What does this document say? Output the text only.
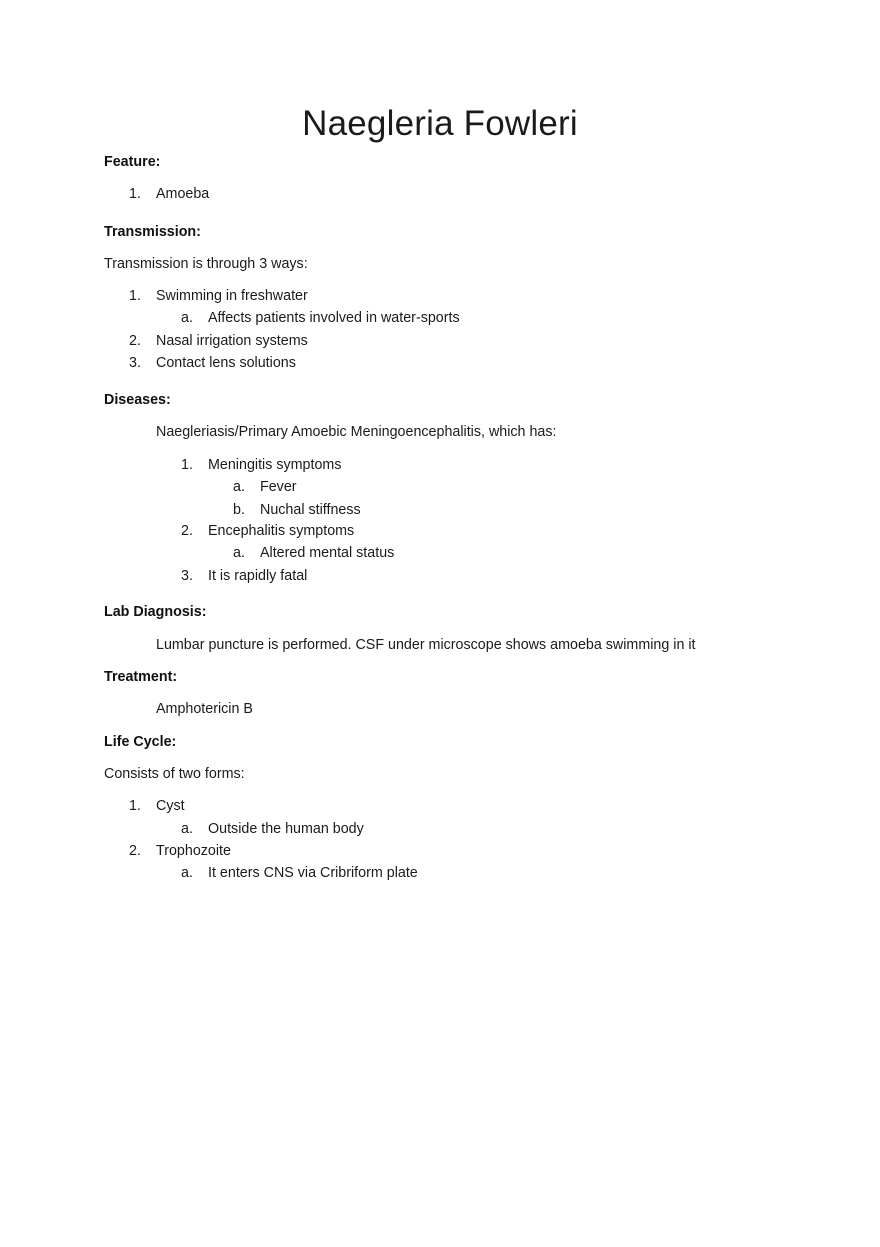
Naegleria Fowleri
Feature:
1. Amoeba
Transmission:
Transmission is through 3 ways:
1. Swimming in freshwater
a. Affects patients involved in water-sports
2. Nasal irrigation systems
3. Contact lens solutions
Diseases:
Naegleriasis/Primary Amoebic Meningoencephalitis, which has:
1. Meningitis symptoms
a. Fever
b. Nuchal stiffness
2. Encephalitis symptoms
a. Altered mental status
3. It is rapidly fatal
Lab Diagnosis:
Lumbar puncture is performed. CSF under microscope shows amoeba swimming in it
Treatment:
Amphotericin B
Life Cycle:
Consists of two forms:
1. Cyst
a. Outside the human body
2. Trophozoite
a. It enters CNS via Cribriform plate
